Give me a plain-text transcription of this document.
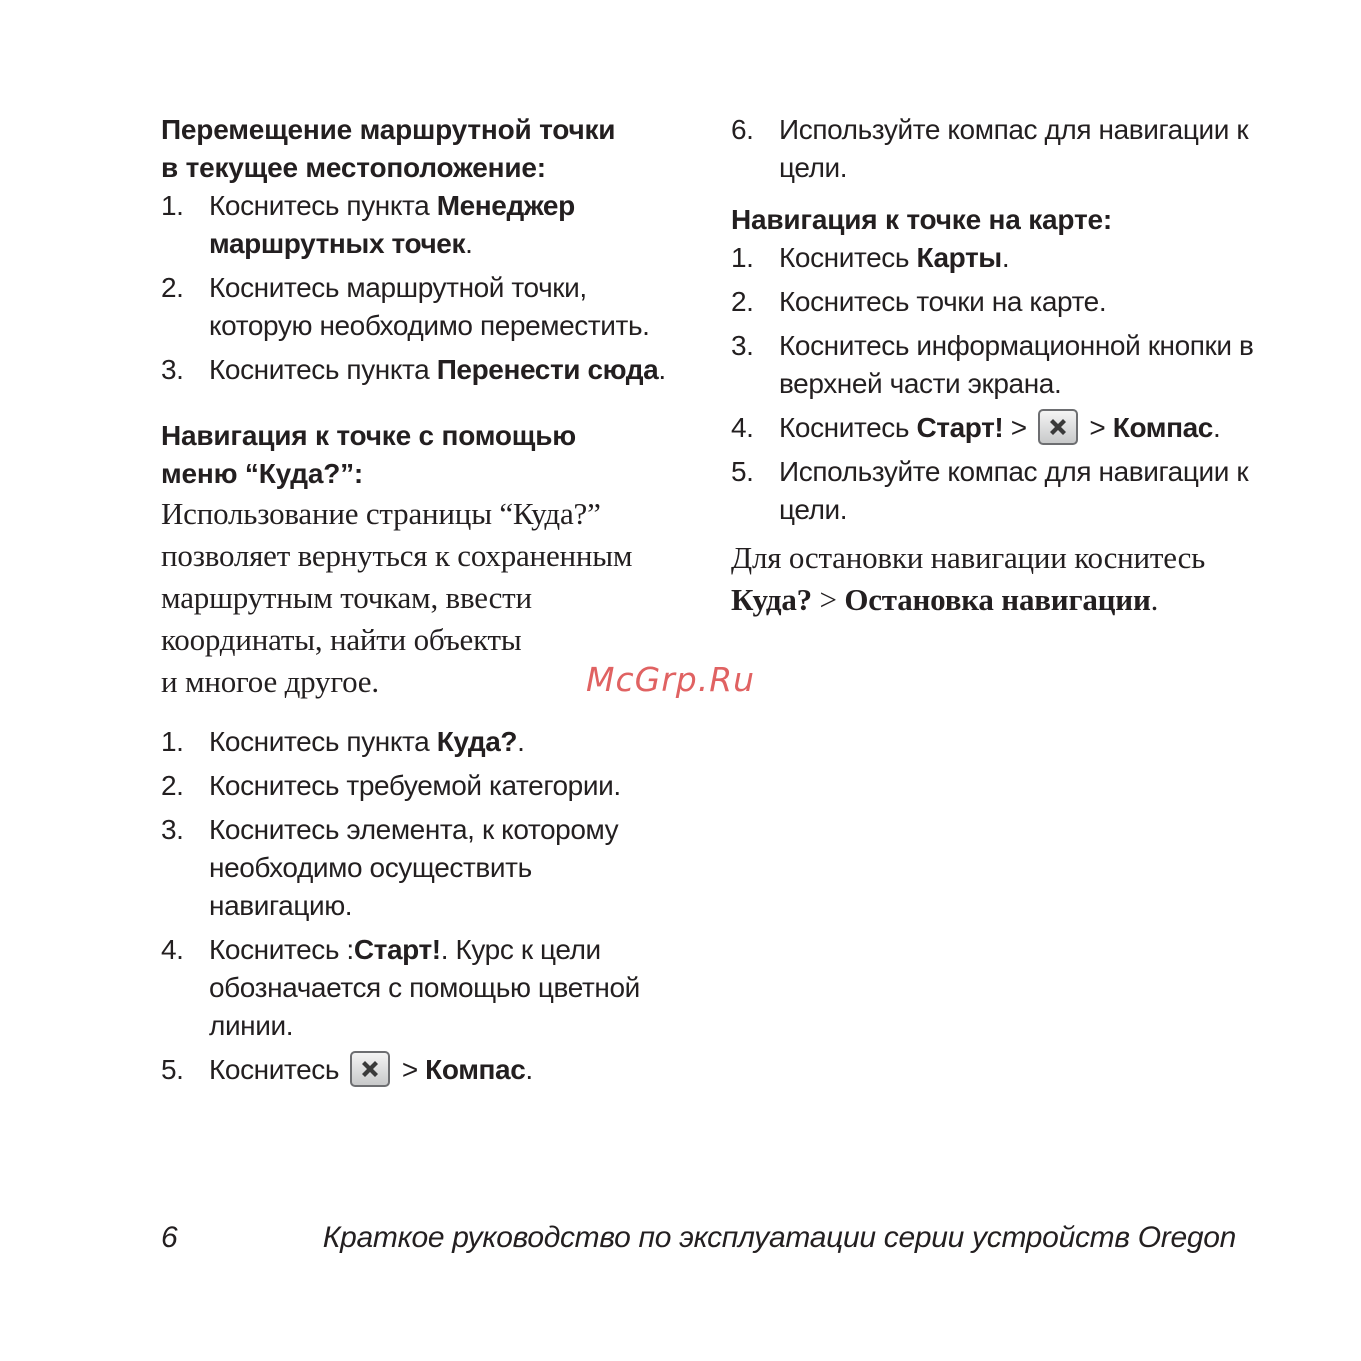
Перемещение маршрутной точки
в текущее местоположение:
1. Коснитесь пункта Менеджер маршрутных точек.
2. Коснитесь маршрутной точки, которую необходимо переместить.
3. Коснитесь пункта Перенести сюда.
Навигация к точке с помощью
меню “Куда?”:

Использование страницы “Куда?”
позволяет вернуться к сохраненным
маршрутным точкам, ввести
координаты, найти объекты
и многое другое.

1. Коснитесь пункта Куда?.
2. Коснитесь требуемой категории.
3. Коснитесь элемента, к которому необходимо осуществить навигацию.
4. Коснитесь :Старт!. Курс к цели обозначается с помощью цветной линии.
5. Коснитесь
> Компас.
6. Используйте компас для навигации к цели.
Навигация к точке на карте:
1. Коснитесь Карты.
2. Коснитесь точки на карте.
3. Коснитесь информационной кнопки в верхней части экрана.
4. Коснитесь Старт! >
> Компас.
5. Используйте компас для навигации к цели.

Для остановки навигации коснитесь
Куда? > Остановка навигации.

McGrp.Ru
6	Краткое руководство по эксплуатации серии устройств Oregon
